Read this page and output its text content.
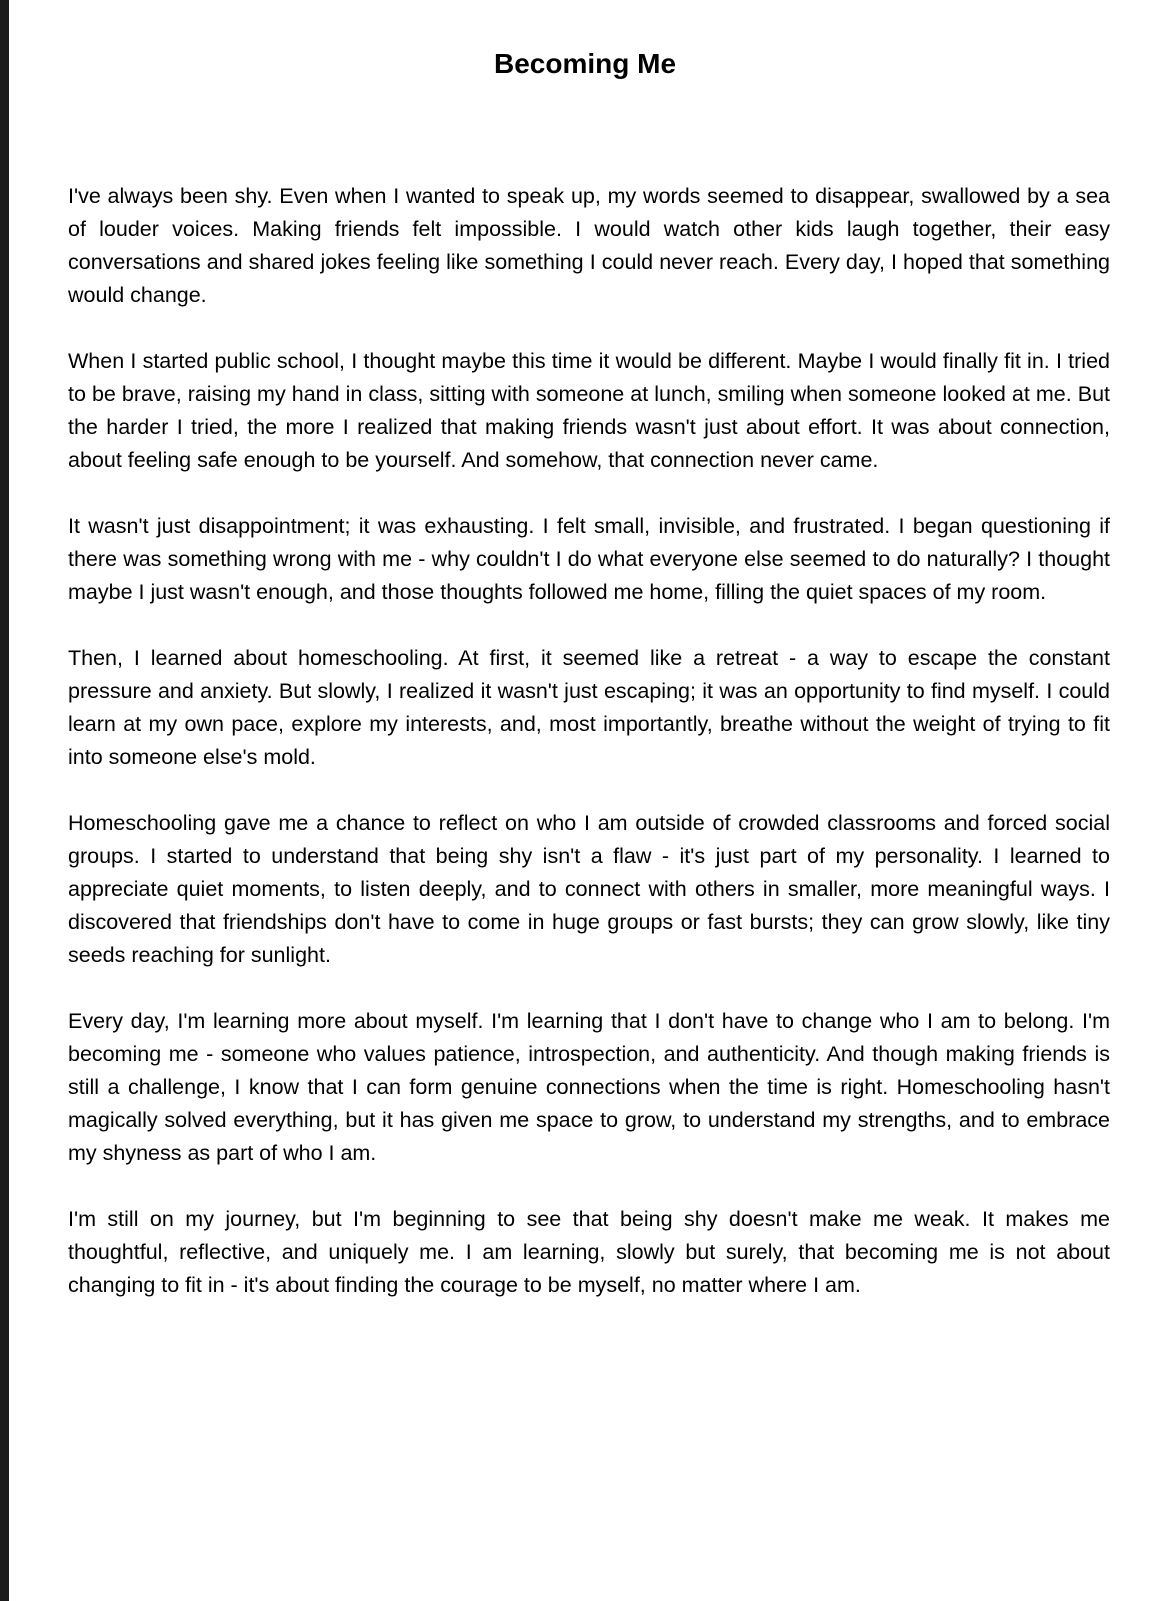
Becoming Me

I've always been shy. Even when I wanted to speak up, my words seemed to disappear, swallowed by a sea of louder voices. Making friends felt impossible. I would watch other kids laugh together, their easy conversations and shared jokes feeling like something I could never reach. Every day, I hoped that something would change.

When I started public school, I thought maybe this time it would be different. Maybe I would finally fit in. I tried to be brave, raising my hand in class, sitting with someone at lunch, smiling when someone looked at me. But the harder I tried, the more I realized that making friends wasn't just about effort. It was about connection, about feeling safe enough to be yourself. And somehow, that connection never came.

It wasn't just disappointment; it was exhausting. I felt small, invisible, and frustrated. I began questioning if there was something wrong with me - why couldn't I do what everyone else seemed to do naturally? I thought maybe I just wasn't enough, and those thoughts followed me home, filling the quiet spaces of my room.

Then, I learned about homeschooling. At first, it seemed like a retreat - a way to escape the constant pressure and anxiety. But slowly, I realized it wasn't just escaping; it was an opportunity to find myself. I could learn at my own pace, explore my interests, and, most importantly, breathe without the weight of trying to fit into someone else's mold.

Homeschooling gave me a chance to reflect on who I am outside of crowded classrooms and forced social groups. I started to understand that being shy isn't a flaw - it's just part of my personality. I learned to appreciate quiet moments, to listen deeply, and to connect with others in smaller, more meaningful ways. I discovered that friendships don't have to come in huge groups or fast bursts; they can grow slowly, like tiny seeds reaching for sunlight.

Every day, I'm learning more about myself. I'm learning that I don't have to change who I am to belong. I'm becoming me - someone who values patience, introspection, and authenticity. And though making friends is still a challenge, I know that I can form genuine connections when the time is right. Homeschooling hasn't magically solved everything, but it has given me space to grow, to understand my strengths, and to embrace my shyness as part of who I am.

I'm still on my journey, but I'm beginning to see that being shy doesn't make me weak. It makes me thoughtful, reflective, and uniquely me. I am learning, slowly but surely, that becoming me is not about changing to fit in - it's about finding the courage to be myself, no matter where I am.
